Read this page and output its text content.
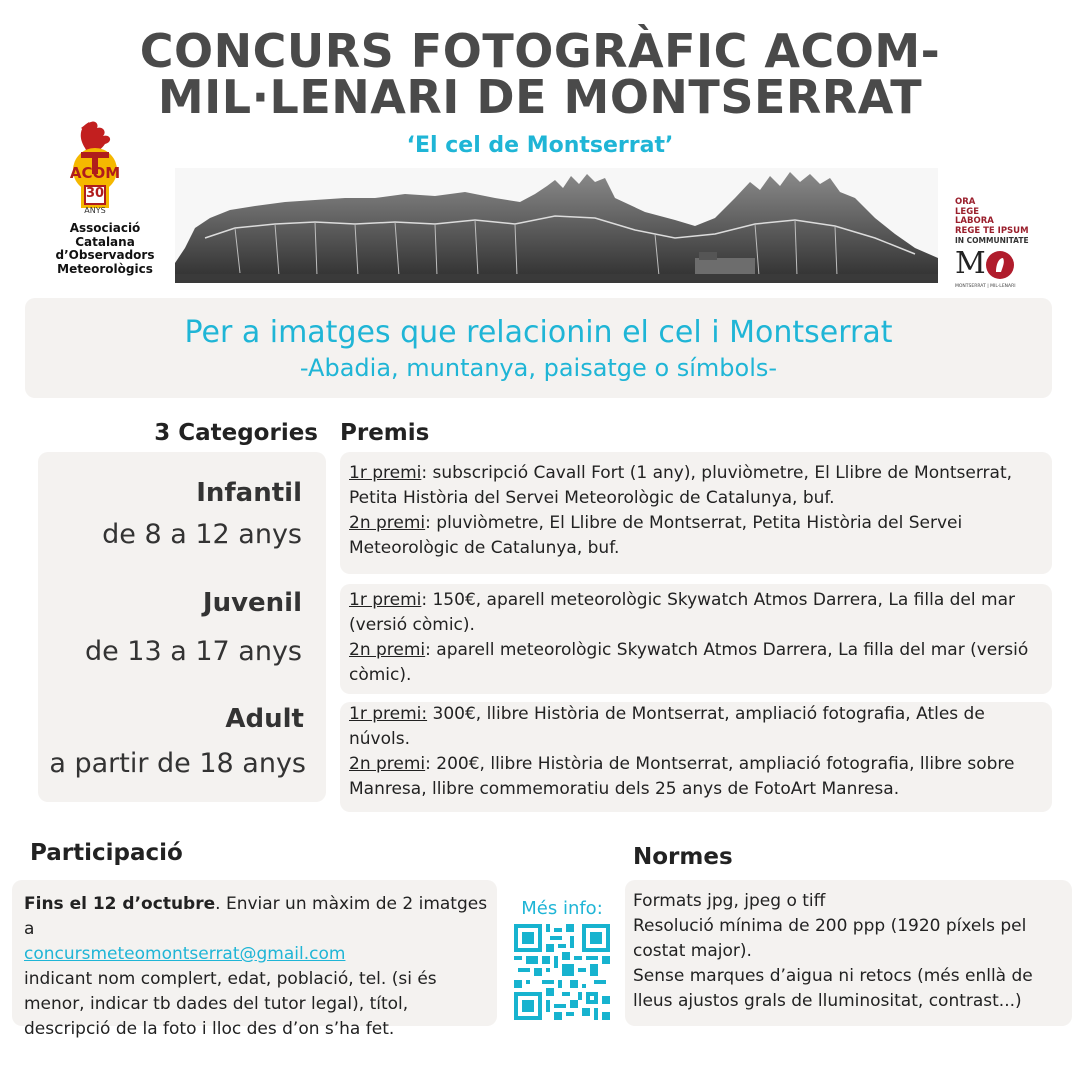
CONCURS FOTOGRÀFIC ACOM-
MIL·LENARI DE MONTSERRAT
‘El cel de Montserrat’
ACOM
30
ANYS
Associació
Catalana
d’Observadors
Meteorològics
ORA
LEGE
LABORA
REGE TE IPSUM
IN COMMUNITATE
M
MONTSERRAT | MIL·LENARI
Per a imatges que relacionin el cel i Montserrat
-Abadia, muntanya, paisatge o símbols-
3 Categories Premis
Infantil
de 8 a 12 anys
Juvenil
de 13 a 17 anys
Adult
a partir de 18 anys
1r premi: subscripció Cavall Fort (1 any), pluviòmetre, El Llibre de Montserrat, Petita Història del Servei Meteorològic de Catalunya, buf.
2n premi: pluviòmetre, El Llibre de Montserrat, Petita Història del Servei Meteorològic de Catalunya, buf.
1r premi: 150€, aparell meteorològic Skywatch Atmos Darrera, La filla del mar (versió còmic).
2n premi: aparell meteorològic Skywatch Atmos Darrera, La filla del mar (versió còmic).
1r premi: 300€, llibre Història de Montserrat, ampliació fotografia, Atles de núvols.
2n premi: 200€, llibre Història de Montserrat, ampliació fotografia, llibre sobre Manresa, llibre commemoratiu dels 25 anys de FotoArt Manresa.
Participació
Fins el 12 d’octubre. Enviar un màxim de 2 imatges a
concursmeteomontserrat@gmail.com
indicant nom complert, edat, població, tel. (si és menor, indicar tb dades del tutor legal), títol, descripció de la foto i lloc des d’on s’ha fet.
Més info:
Normes
Formats jpg, jpeg o tiff
Resolució mínima de 200 ppp (1920 píxels pel costat major).
Sense marques d’aigua ni retocs (més enllà de lleus ajustos grals de lluminositat, contrast...)
